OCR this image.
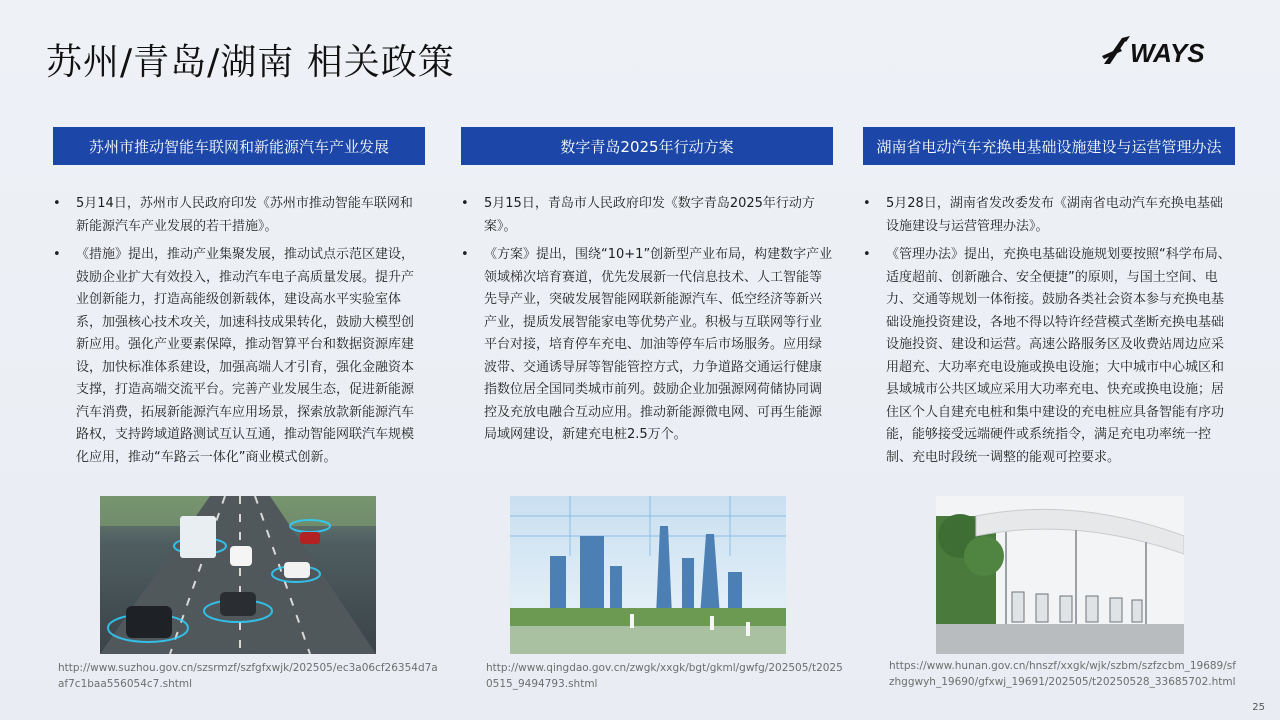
苏州/青岛/湖南 相关政策	WAYS
苏州市推动智能车联网和新能源汽车产业发展
• 5月14日，苏州市人民政府印发《苏州市推动智能车联网和新能源汽车产业发展的若干措施》。
• 《措施》提出，推动产业集聚发展，推动试点示范区建设，鼓励企业扩大有效投入，推动汽车电子高质量发展。提升产业创新能力，打造高能级创新载体，建设高水平实验室体系，加强核心技术攻关，加速科技成果转化，鼓励大模型创新应用。强化产业要素保障，推动智算平台和数据资源库建设，加快标准体系建设，加强高端人才引育，强化金融资本支撑，打造高端交流平台。完善产业发展生态，促进新能源汽车消费，拓展新能源汽车应用场景，探索放款新能源汽车路权，支持跨域道路测试互认互通，推动智能网联汽车规模化应用，推动“车路云一体化”商业模式创新。
数字青岛2025年行动方案
• 5月15日，青岛市人民政府印发《数字青岛2025年行动方案》。
• 《方案》提出，围绕“10+1”创新型产业布局，构建数字产业领域梯次培育赛道，优先发展新一代信息技术、人工智能等先导产业，突破发展智能网联新能源汽车、低空经济等新兴产业，提质发展智能家电等优势产业。积极与互联网等行业平台对接，培育停车充电、加油等停车后市场服务。应用绿波带、交通诱导屏等智能管控方式，力争道路交通运行健康指数位居全国同类城市前列。鼓励企业加强源网荷储协同调控及充放电融合互动应用。推动新能源微电网、可再生能源局域网建设，新建充电桩2.5万个。
湖南省电动汽车充换电基础设施建设与运营管理办法
• 5月28日，湖南省发改委发布《湖南省电动汽车充换电基础设施建设与运营管理办法》。
• 《管理办法》提出，充换电基础设施规划要按照“科学布局、适度超前、创新融合、安全便捷”的原则，与国土空间、电力、交通等规划一体衔接。鼓励各类社会资本参与充换电基础设施投资建设，各地不得以特许经营模式垄断充换电基础设施投资、建设和运营。高速公路服务区及收费站周边应采用超充、大功率充电设施或换电设施；大中城市中心城区和县域城市公共区域应采用大功率充电、快充或换电设施；居住区个人自建充电桩和集中建设的充电桩应具备智能有序功能，能够接受远端硬件或系统指令，满足充电功率统一控制、充电时段统一调整的能观可控要求。
http://www.suzhou.gov.cn/szsrmzf/szfgfxwjk/202505/ec3a06cf26354d7aaf7c1baa556054c7.shtml
http://www.qingdao.gov.cn/zwgk/xxgk/bgt/gkml/gwfg/202505/t20250515_9494793.shtml
https://www.hunan.gov.cn/hnszf/xxgk/wjk/szbm/szfzcbm_19689/sfzhggwyh_19690/gfxwj_19691/202505/t20250528_33685702.html
25
